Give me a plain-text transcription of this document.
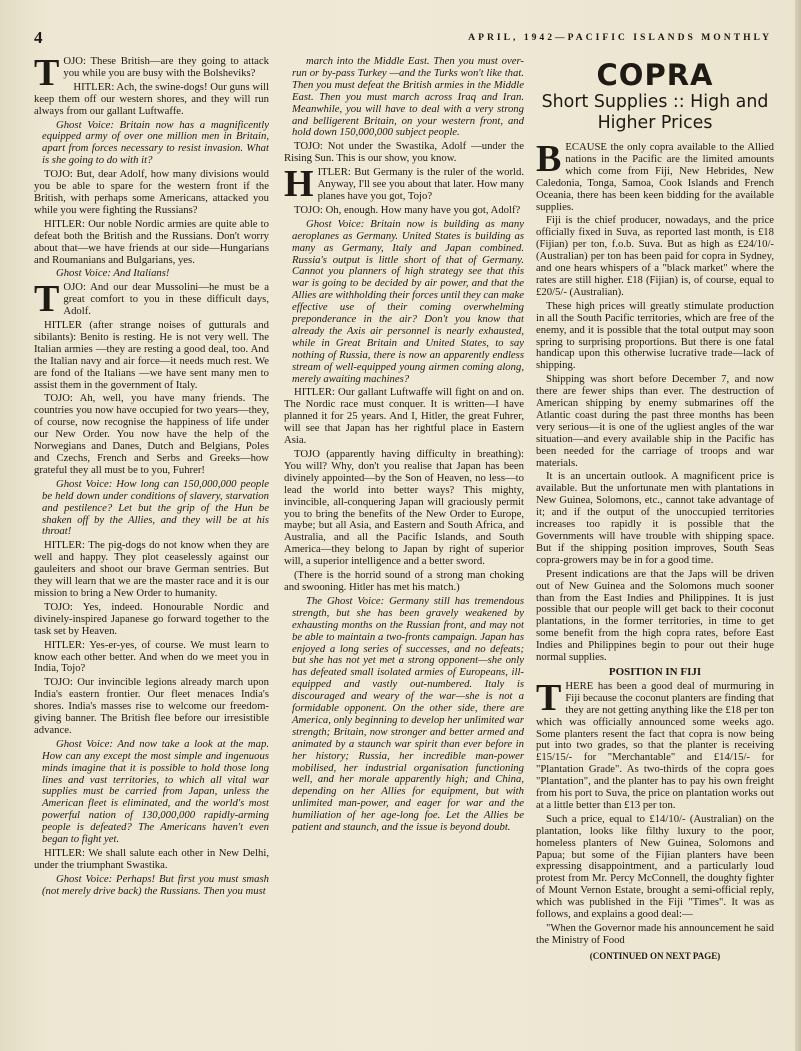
4	APRIL, 1942—PACIFIC ISLANDS MONTHLY

TOJO: These British—are they going to attack you while you are busy with the Bolsheviks?

HITLER: Ach, the swine-dogs! Our guns will keep them off our western shores, and they will run always from our gallant Luftwaffe.

Ghost Voice: Britain now has a magnificently equipped army of over one million men in Britain, apart from forces necessary to resist invasion. What is she going to do with it?

TOJO: But, dear Adolf, how many divisions would you be able to spare for the western front if the British, with perhaps some Americans, attacked you while you were fighting the Russians?

HITLER: Our noble Nordic armies are quite able to defeat both the British and the Russians. Don't worry about that—we have friends at our side—Hungarians and Roumanians and Bulgarians, yes.

Ghost Voice: And Italians!

TOJO: And our dear Mussolini—he must be a great comfort to you in these difficult days, Adolf.

HITLER (after strange noises of gutturals and sibilants): Benito is resting. He is not very well. The Italian armies —they are resting a good deal, too. And the Italian navy and air force—it needs much rest. We are fond of the Italians —we have sent many men to assist them in the government of Italy.

TOJO: Ah, well, you have many friends. The countries you now have occupied for two years—they, of course, now recognise the happiness of life under our New Order. You now have the help of the Norwegians and Danes, Dutch and Belgians, Poles and Czechs, French and Serbs and Greeks—how grateful they all must be to you, Fuhrer!

Ghost Voice: How long can 150,000,000 people be held down under conditions of slavery, starvation and pestilence? Let but the grip of the Hun be shaken off by the Allies, and they will be at his throat!

HITLER: The pig-dogs do not know when they are well and happy. They plot ceaselessly against our gauleiters and shoot our brave German sentries. But they will learn that we are the master race and it is our mission to bring a New Order to humanity.

TOJO: Yes, indeed. Honourable Nordic and divinely-inspired Japanese go forward together to the task set by Heaven.

HITLER: Yes-er-yes, of course. We must learn to know each other better. And when do we meet you in India, Tojo?

TOJO: Our invincible legions already march upon India's eastern frontier. Our fleet menaces India's shores. India's masses rise to welcome our freedom-giving banner. The British flee before our irresistible advance.

Ghost Voice: And now take a look at the map. How can any except the most simple and ingenuous minds imagine that it is possible to hold those long lines and vast territories, to which all vital war supplies must be carried from Japan, unless the American fleet is eliminated, and the world's most powerful nation of 130,000,000 rapidly-arming people is defeated? The Americans haven't even began to fight yet.

HITLER: We shall salute each other in New Delhi, under the triumphant Swastika.

Ghost Voice: Perhaps! But first you must smash (not merely drive back) the Russians. Then you must

march into the Middle East. Then you must over-run or by-pass Turkey —and the Turks won't like that. Then you must defeat the British armies in the Middle East. Then you must march across Iraq and Iran. Meanwhile, you will have to deal with a very strong and belligerent Britain, on your western front, and hold down 150,000,000 subject people.

TOJO: Not under the Swastika, Adolf —under the Rising Sun. This is our show, you know.

HITLER: But Germany is the ruler of the world. Anyway, I'll see you about that later. How many planes have you got, Tojo?

TOJO: Oh, enough. How many have you got, Adolf?

Ghost Voice: Britain now is building as many aeroplanes as Germany. United States is building as many as Germany, Italy and Japan combined. Russia's output is little short of that of Germany. Cannot you planners of high strategy see that this war is going to be decided by air power, and that the Allies are withholding their forces until they can make effective use of their coming overwhelming preponderance in the air? Don't you know that already the Axis air personnel is nearly exhausted, while in Great Britain and United States, to say nothing of Russia, there is now an apparently endless stream of well-equipped young airmen coming along, merely awaiting machines?

HITLER: Our gallant Luftwaffe will fight on and on. The Nordic race must conquer. It is written—I have planned it for 25 years. And I, Hitler, the great Fuhrer, will see that Japan has her rightful place in Eastern Asia.

TOJO (apparently having difficulty in breathing): You will? Why, don't you realise that Japan has been divinely appointed—by the Son of Heaven, no less—to lead the world into better ways? This mighty, invincible, all-conquering Japan will graciously permit you to bring the benefits of the New Order to Europe, maybe; but all Asia, and Eastern and South Africa, and Australia, and all the Pacific Islands, and South America—they belong to Japan by right of superior will, a superior intelligence and a better sword.

(There is the horrid sound of a strong man choking and swooning. Hitler has met his match.)

The Ghost Voice: Germany still has tremendous strength, but she has been gravely weakened by exhausting months on the Russian front, and may not be able to maintain a two-fronts campaign. Japan has enjoyed a long series of successes, and no defeats; but she has not yet met a strong opponent—she only has defeated small isolated armies of Europeans, ill-equipped and vastly out-numbered. Italy is discouraged and weary of the war—she is not a formidable opponent. On the other side, there are America, only beginning to develop her unlimited war strength; Britain, now stronger and better armed and animated by a staunch war spirit than ever before in her history; Russia, her incredible man-power mobilised, her industrial organisation functioning well, and her morale apparently high; and China, depending on her Allies for equipment, but with unlimited man-power, and eager for war and the humiliation of her age-long foe. Let the Allies be patient and staunch, and the issue is beyond doubt.

COPRA
Short Supplies :: High and Higher Prices

BECAUSE the only copra available to the Allied nations in the Pacific are the limited amounts which come from Fiji, New Hebrides, New Caledonia, Tonga, Samoa, Cook Islands and French Oceania, there has been keen bidding for the available supplies.

Fiji is the chief producer, nowadays, and the price officially fixed in Suva, as reported last month, is £18 (Fijian) per ton, f.o.b. Suva. But as high as £24/10/- (Australian) per ton has been paid for copra in Sydney, and one hears whispers of a "black market" where the rates are still higher. £18 (Fijian) is, of course, equal to £20/5/- (Australian).

These high prices will greatly stimulate production in all the South Pacific territories, which are free of the enemy, and it is possible that the total output may soon spring to surprising proportions. But there is one fatal handicap upon this otherwise lucrative trade—lack of shipping.

Shipping was short before December 7, and now there are fewer ships than ever. The destruction of American shipping by enemy submarines off the Atlantic coast during the past three months has been very serious—it is one of the ugliest angles of the war situation—and every available ship in the Pacific has been needed for the carriage of troops and war materials.

It is an uncertain outlook. A magnificent price is available. But the unfortunate men with plantations in New Guinea, Solomons, etc., cannot take advantage of it; and if the output of the unoccupied territories increases too rapidly it is possible that the Governments will have trouble with shipping space. But if the shipping position improves, South Seas copra-growers may be in for a good time.

Present indications are that the Japs will be driven out of New Guinea and the Solomons much sooner than from the East Indies and Philippines. It is just possible that our people will get back to their coconut plantations, in the former territories, in time to get some benefit from the high copra rates, before East Indies and Philippines begin to pour out their huge normal supplies.

POSITION IN FIJI

THERE has been a good deal of murmuring in Fiji because the coconut planters are finding that they are not getting anything like the £18 per ton which was officially announced some weeks ago. Some planters resent the fact that copra is now being put into two grades, so that the planter is receiving £15/15/- for "Merchantable" and £14/15/- for "Plantation Grade". As two-thirds of the copra goes "Plantation", and the planter has to pay his own freight from his port to Suva, the price on plantation works out at a little better than £13 per ton.

Such a price, equal to £14/10/- (Australian) on the plantation, looks like filthy luxury to the poor, homeless planters of New Guinea, Solomons and Papua; but some of the Fijian planters have been expressing disappointment, and a particularly loud protest from Mr. Percy McConnell, the doughty fighter of Mount Vernon Estate, brought a semi-official reply, which was published in the Fiji "Times". It was as follows, and explains a good deal:—

"When the Governor made his announcement he said the Ministry of Food

(CONTINUED ON NEXT PAGE)
